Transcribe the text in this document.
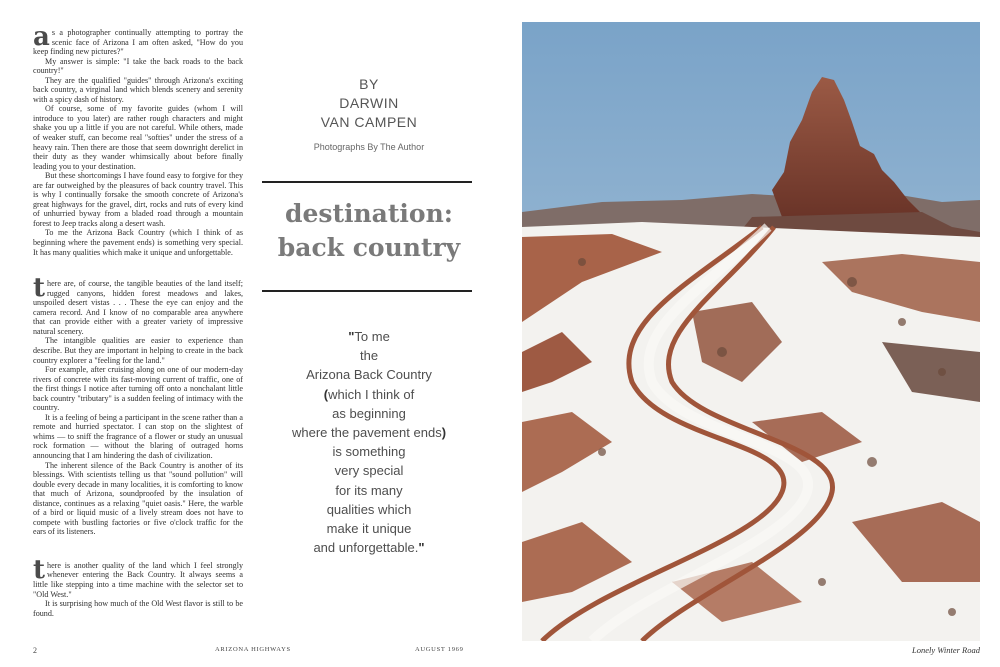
as a photographer continually attempting to portray the scenic face of Arizona I am often asked, "How do you keep finding new pictures?"

My answer is simple: "I take the back roads to the back country!"

They are the qualified "guides" through Arizona's exciting back country, a virginal land which blends scenery and serenity with a spicy dash of history.

Of course, some of my favorite guides (whom I will introduce to you later) are rather rough characters and might shake you up a little if you are not careful. While others, made of weaker stuff, can become real "softies" under the stress of a heavy rain. Then there are those that seem downright derelict in their duty as they wander whimsically about before finally leading you to your destination.

But these shortcomings I have found easy to forgive for they are far outweighed by the pleasures of back country travel. This is why I continually forsake the smooth concrete of Arizona's great highways for the gravel, dirt, rocks and ruts of every kind of unhurried byway from a bladed road through a mountain forest to Jeep tracks along a desert wash.

To me the Arizona Back Country (which I think of as beginning where the pavement ends) is something very special. It has many qualities which make it unique and unforgettable.

there are, of course, the tangible beauties of the land itself; rugged canyons, hidden forest meadows and lakes, unspoiled desert vistas . . . These the eye can enjoy and the camera record. And I know of no comparable area anywhere that can provide either with a greater variety of impressive natural scenery.

The intangible qualities are easier to experience than describe. But they are important in helping to create in the back country explorer a "feeling for the land."

For example, after cruising along on one of our modern-day rivers of concrete with its fast-moving current of traffic, one of the first things I notice after turning off onto a nonchalant little back country "tributary" is a sudden feeling of intimacy with the country.

It is a feeling of being a participant in the scene rather than a remote and hurried spectator. I can stop on the slightest of whims — to sniff the fragrance of a flower or study an unusual rock formation — without the blaring of outraged horns announcing that I am hindering the dash of civilization.

The inherent silence of the Back Country is another of its blessings. With scientists telling us that "sound pollution" will double every decade in many localities, it is comforting to know that much of Arizona, soundproofed by the insulation of distance, continues as a relaxing "quiet oasis." Here, the warble of a bird or liquid music of a lively stream does not have to compete with bustling factories or five o'clock traffic for the ears of its listeners.

there is another quality of the land which I feel strongly whenever entering the Back Country. It always seems a little like stepping into a time machine with the selector set to "Old West."

It is surprising how much of the Old West flavor is still to be found.

BY
DARWIN
VAN CAMPEN
Photographs By The Author
destination:
back country
"To me
the
Arizona Back Country
(which I think of
as beginning
where the pavement ends)
is something
very special
for its many
qualities which
make it unique
and unforgettable."
Lonely Winter Road
2	ARIZONA HIGHWAYS	AUGUST 1969
